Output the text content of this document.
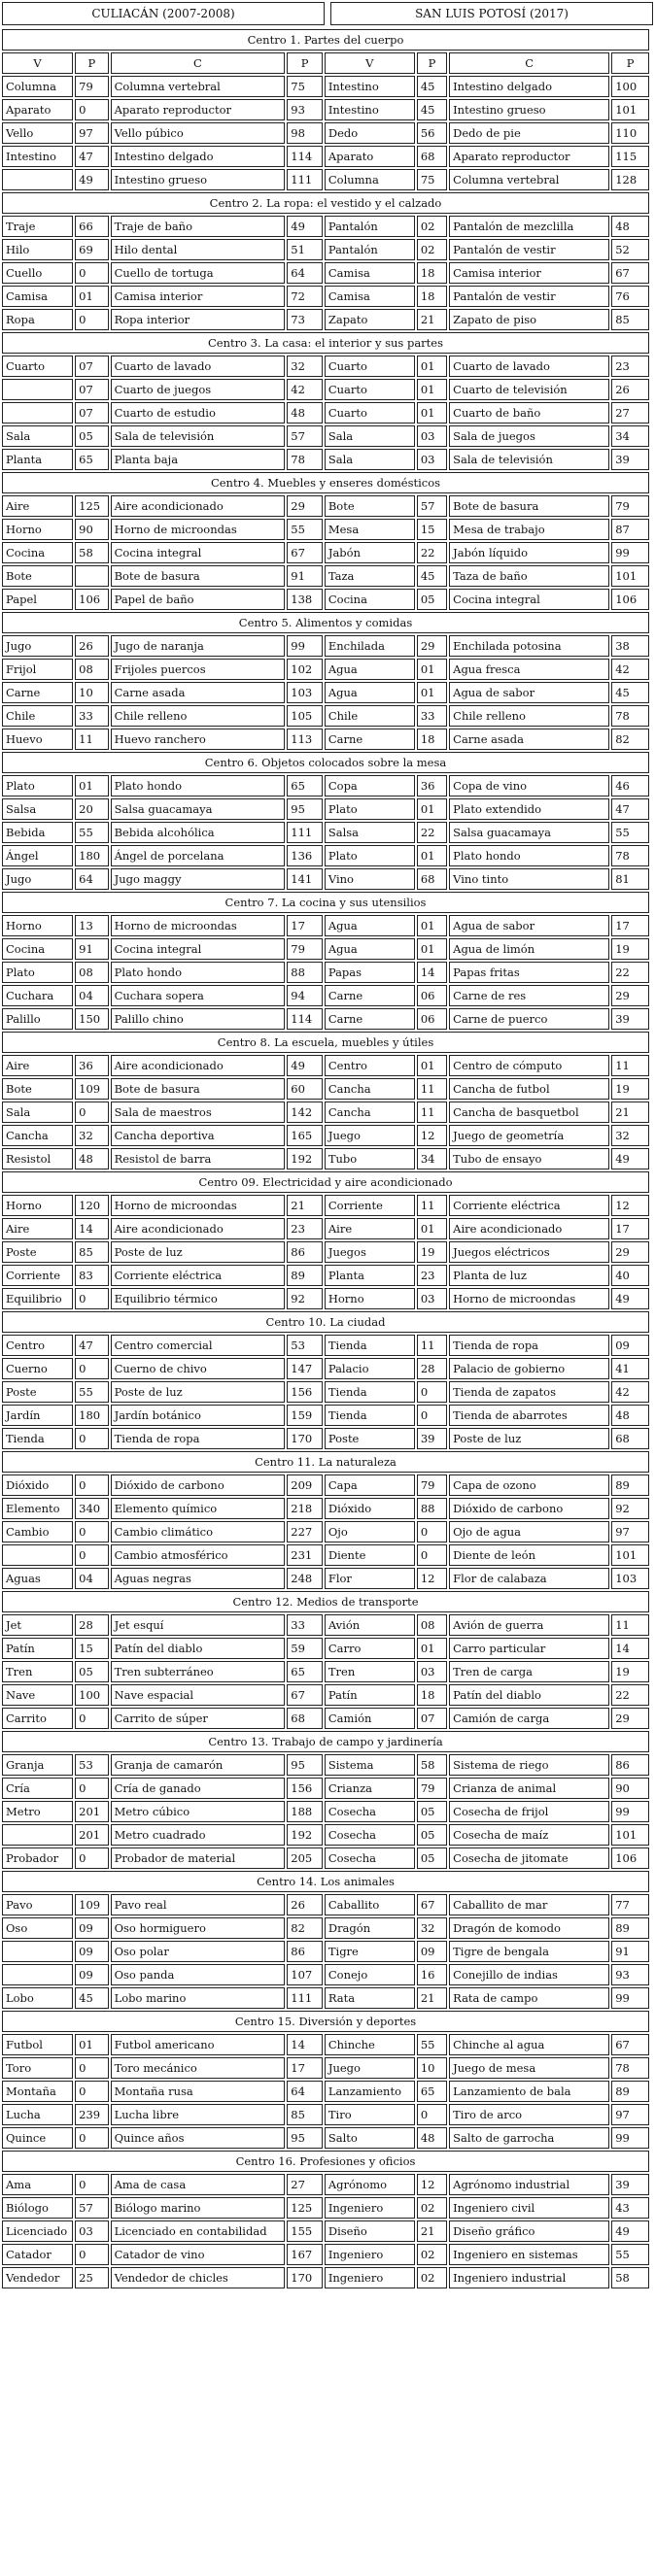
CULIACÁN (2007-2008)	SAN LUIS POTOSÍ (2017)
Centro 1. Partes del cuerpo							
V	P	C	P	V	P	C	P
Columna	79	Columna vertebral	75	Intestino	45	Intestino delgado	100
Aparato	0	Aparato reproductor	93	Intestino	45	Intestino grueso	101
Vello	97	Vello púbico	98	Dedo	56	Dedo de pie	110
Intestino	47	Intestino delgado	114	Aparato	68	Aparato reproductor	115
	49	Intestino grueso	111	Columna	75	Columna vertebral	128
Centro 2. La ropa: el vestido y el calzado							
Traje	66	Traje de baño	49	Pantalón	02	Pantalón de mezclilla	48
Hilo	69	Hilo dental	51	Pantalón	02	Pantalón de vestir	52
Cuello	0	Cuello de tortuga	64	Camisa	18	Camisa interior	67
Camisa	01	Camisa interior	72	Camisa	18	Pantalón de vestir	76
Ropa	0	Ropa interior	73	Zapato	21	Zapato de piso	85
Centro 3. La casa: el interior y sus partes							
Cuarto	07	Cuarto de lavado	32	Cuarto	01	Cuarto de lavado	23
	07	Cuarto de juegos	42	Cuarto	01	Cuarto de televisión	26
	07	Cuarto de estudio	48	Cuarto	01	Cuarto de baño	27
Sala	05	Sala de televisión	57	Sala	03	Sala de juegos	34
Planta	65	Planta baja	78	Sala	03	Sala de televisión	39
Centro 4. Muebles y enseres domésticos							
Aire	125	Aire acondicionado	29	Bote	57	Bote de basura	79
Horno	90	Horno de microondas	55	Mesa	15	Mesa de trabajo	87
Cocina	58	Cocina integral	67	Jabón	22	Jabón líquido	99
Bote		Bote de basura	91	Taza	45	Taza de baño	101
Papel	106	Papel de baño	138	Cocina	05	Cocina integral	106
Centro 5. Alimentos y comidas							
Jugo	26	Jugo de naranja	99	Enchilada	29	Enchilada potosina	38
Frijol	08	Frijoles puercos	102	Agua	01	Agua fresca	42
Carne	10	Carne asada	103	Agua	01	Agua de sabor	45
Chile	33	Chile relleno	105	Chile	33	Chile relleno	78
Huevo	11	Huevo ranchero	113	Carne	18	Carne asada	82
Centro 6. Objetos colocados sobre la mesa							
Plato	01	Plato hondo	65	Copa	36	Copa de vino	46
Salsa	20	Salsa guacamaya	95	Plato	01	Plato extendido	47
Bebida	55	Bebida alcohólica	111	Salsa	22	Salsa guacamaya	55
Ángel	180	Ángel de porcelana	136	Plato	01	Plato hondo	78
Jugo	64	Jugo maggy	141	Vino	68	Vino tinto	81
Centro 7. La cocina y sus utensilios							
Horno	13	Horno de microondas	17	Agua	01	Agua de sabor	17
Cocina	91	Cocina integral	79	Agua	01	Agua de limón	19
Plato	08	Plato hondo	88	Papas	14	Papas fritas	22
Cuchara	04	Cuchara sopera	94	Carne	06	Carne de res	29
Palillo	150	Palillo chino	114	Carne	06	Carne de puerco	39
Centro 8. La escuela, muebles y útiles							
Aire	36	Aire acondicionado	49	Centro	01	Centro de cómputo	11
Bote	109	Bote de basura	60	Cancha	11	Cancha de futbol	19
Sala	0	Sala de maestros	142	Cancha	11	Cancha de basquetbol	21
Cancha	32	Cancha deportiva	165	Juego	12	Juego de geometría	32
Resistol	48	Resistol de barra	192	Tubo	34	Tubo de ensayo	49
Centro 09. Electricidad y aire acondicionado							
Horno	120	Horno de microondas	21	Corriente	11	Corriente eléctrica	12
Aire	14	Aire acondicionado	23	Aire	01	Aire acondicionado	17
Poste	85	Poste de luz	86	Juegos	19	Juegos eléctricos	29
Corriente	83	Corriente eléctrica	89	Planta	23	Planta de luz	40
Equilibrio	0	Equilibrio térmico	92	Horno	03	Horno de microondas	49
Centro 10. La ciudad							
Centro	47	Centro comercial	53	Tienda	11	Tienda de ropa	09
Cuerno	0	Cuerno de chivo	147	Palacio	28	Palacio de gobierno	41
Poste	55	Poste de luz	156	Tienda	0	Tienda de zapatos	42
Jardín	180	Jardín botánico	159	Tienda	0	Tienda de abarrotes	48
Tienda	0	Tienda de ropa	170	Poste	39	Poste de luz	68
Centro 11. La naturaleza							
Dióxido	0	Dióxido de carbono	209	Capa	79	Capa de ozono	89
Elemento	340	Elemento químico	218	Dióxido	88	Dióxido de carbono	92
Cambio	0	Cambio climático	227	Ojo	0	Ojo de agua	97
	0	Cambio atmosférico	231	Diente	0	Diente de león	101
Aguas	04	Aguas negras	248	Flor	12	Flor de calabaza	103
Centro 12. Medios de transporte							
Jet	28	Jet esquí	33	Avión	08	Avión de guerra	11
Patín	15	Patín del diablo	59	Carro	01	Carro particular	14
Tren	05	Tren subterráneo	65	Tren	03	Tren de carga	19
Nave	100	Nave espacial	67	Patín	18	Patín del diablo	22
Carrito	0	Carrito de súper	68	Camión	07	Camión de carga	29
Centro 13. Trabajo de campo y jardinería							
Granja	53	Granja de camarón	95	Sistema	58	Sistema de riego	86
Cría	0	Cría de ganado	156	Crianza	79	Crianza de animal	90
Metro	201	Metro cúbico	188	Cosecha	05	Cosecha de frijol	99
	201	Metro cuadrado	192	Cosecha	05	Cosecha de maíz	101
Probador	0	Probador de material	205	Cosecha	05	Cosecha de jitomate	106
Centro 14. Los animales							
Pavo	109	Pavo real	26	Caballito	67	Caballito de mar	77
Oso	09	Oso hormiguero	82	Dragón	32	Dragón de komodo	89
	09	Oso polar	86	Tigre	09	Tigre de bengala	91
	09	Oso panda	107	Conejo	16	Conejillo de indias	93
Lobo	45	Lobo marino	111	Rata	21	Rata de campo	99
Centro 15. Diversión y deportes							
Futbol	01	Futbol americano	14	Chinche	55	Chinche al agua	67
Toro	0	Toro mecánico	17	Juego	10	Juego de mesa	78
Montaña	0	Montaña rusa	64	Lanzamiento	65	Lanzamiento de bala	89
Lucha	239	Lucha libre	85	Tiro	0	Tiro de arco	97
Quince	0	Quince años	95	Salto	48	Salto de garrocha	99
Centro 16. Profesiones y oficios							
Ama	0	Ama de casa	27	Agrónomo	12	Agrónomo industrial	39
Biólogo	57	Biólogo marino	125	Ingeniero	02	Ingeniero civil	43
Licenciado	03	Licenciado en contabilidad	155	Diseño	21	Diseño gráfico	49
Catador	0	Catador de vino	167	Ingeniero	02	Ingeniero en sistemas	55
Vendedor	25	Vendedor de chicles	170	Ingeniero	02	Ingeniero industrial	58
